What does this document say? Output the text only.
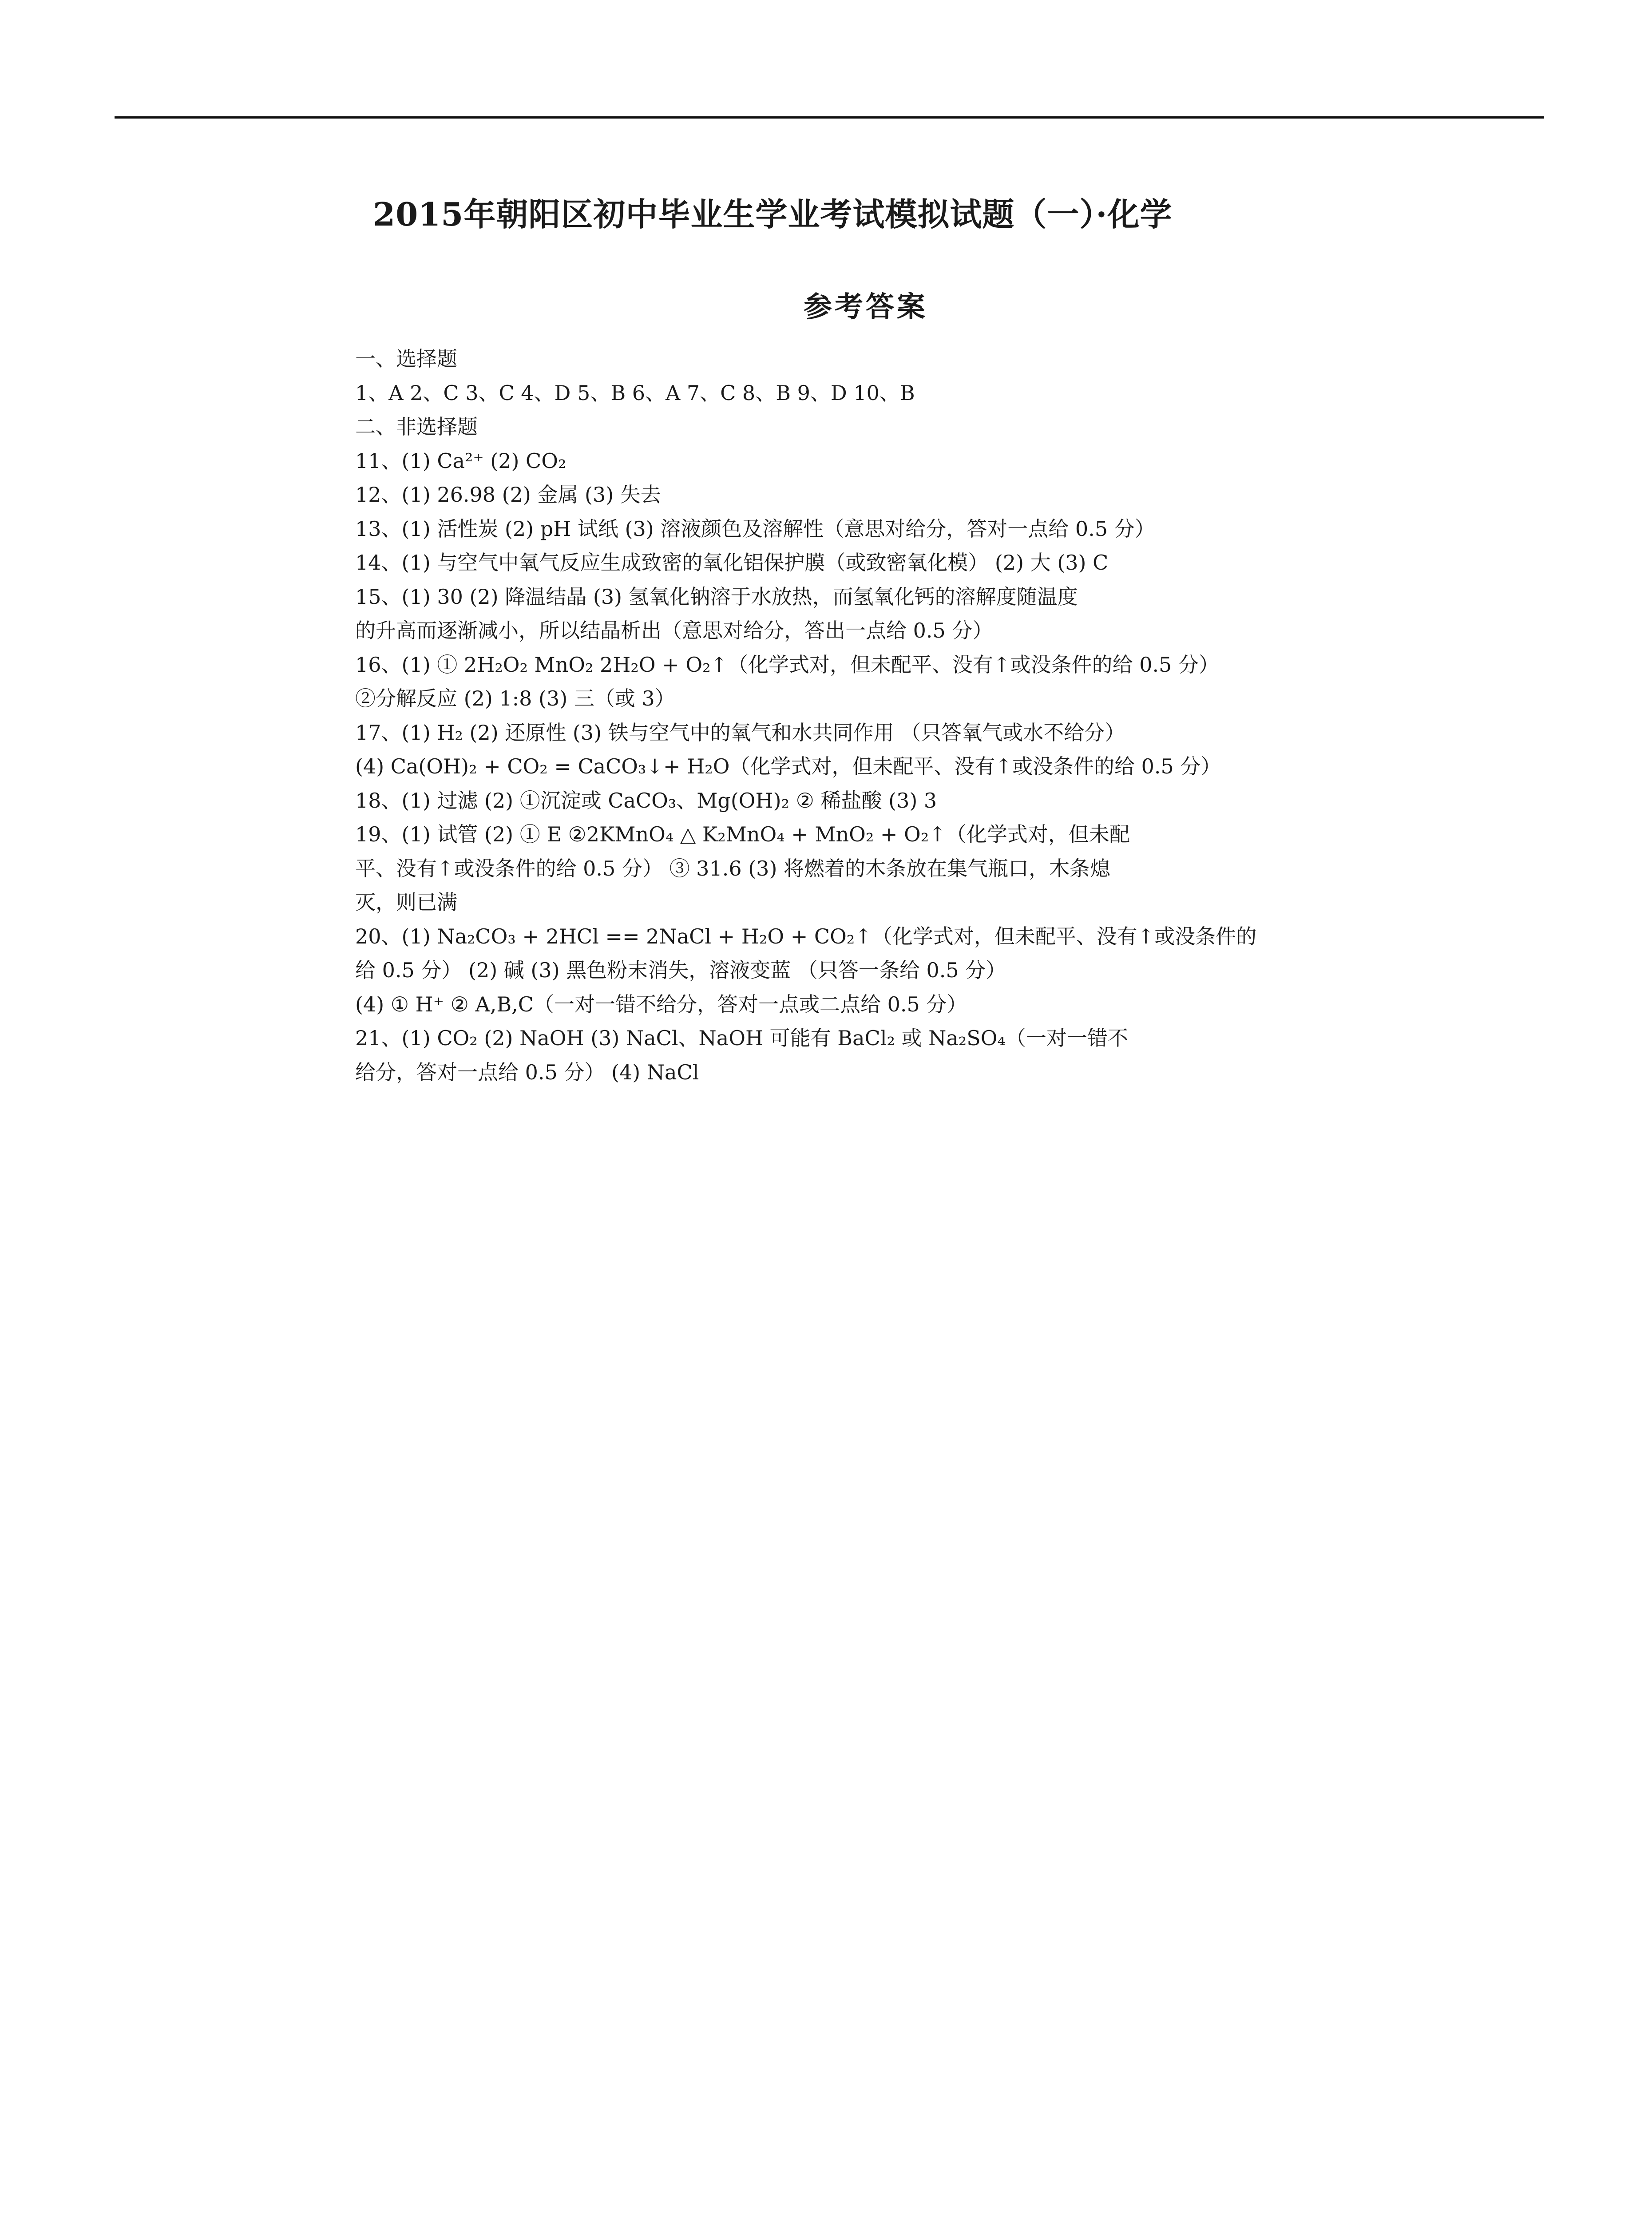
2015年朝阳区初中毕业生学业考试模拟试题（一）·化学
参考答案
一、选择题
1、A 2、C 3、C 4、D 5、B 6、A 7、C 8、B 9、D 10、B
二、非选择题
11、(1) Ca²⁺ (2) CO₂
12、(1) 26.98 (2) 金属 (3) 失去
13、(1) 活性炭 (2) pH 试纸 (3) 溶液颜色及溶解性（意思对给分，答对一点给 0.5 分）
14、(1) 与空气中氧气反应生成致密的氧化铝保护膜（或致密氧化模） (2) 大 (3) C
15、(1) 30 (2) 降温结晶 (3) 氢氧化钠溶于水放热，而氢氧化钙的溶解度随温度
的升高而逐渐减小，所以结晶析出（意思对给分，答出一点给 0.5 分）
16、(1) ① 2H₂O₂ MnO₂ 2H₂O + O₂↑（化学式对，但未配平、没有↑或没条件的给 0.5 分）
②分解反应 (2) 1:8 (3) 三（或 3）
17、(1) H₂ (2) 还原性 (3) 铁与空气中的氧气和水共同作用 （只答氧气或水不给分）
(4) Ca(OH)₂ + CO₂ = CaCO₃↓+ H₂O（化学式对，但未配平、没有↑或没条件的给 0.5 分）
18、(1) 过滤 (2) ①沉淀或 CaCO₃、Mg(OH)₂ ② 稀盐酸 (3) 3
19、(1) 试管 (2) ① E ②2KMnO₄ △ K₂MnO₄ + MnO₂ + O₂↑（化学式对，但未配
平、没有↑或没条件的给 0.5 分） ③ 31.6 (3) 将燃着的木条放在集气瓶口，木条熄
灭，则已满
20、(1) Na₂CO₃ + 2HCl == 2NaCl + H₂O + CO₂↑（化学式对，但未配平、没有↑或没条件的
给 0.5 分） (2) 碱 (3) 黑色粉末消失，溶液变蓝 （只答一条给 0.5 分）
(4) ① H⁺ ② A,B,C（一对一错不给分，答对一点或二点给 0.5 分）
21、(1) CO₂ (2) NaOH (3) NaCl、NaOH 可能有 BaCl₂ 或 Na₂SO₄（一对一错不
给分，答对一点给 0.5 分） (4) NaCl
